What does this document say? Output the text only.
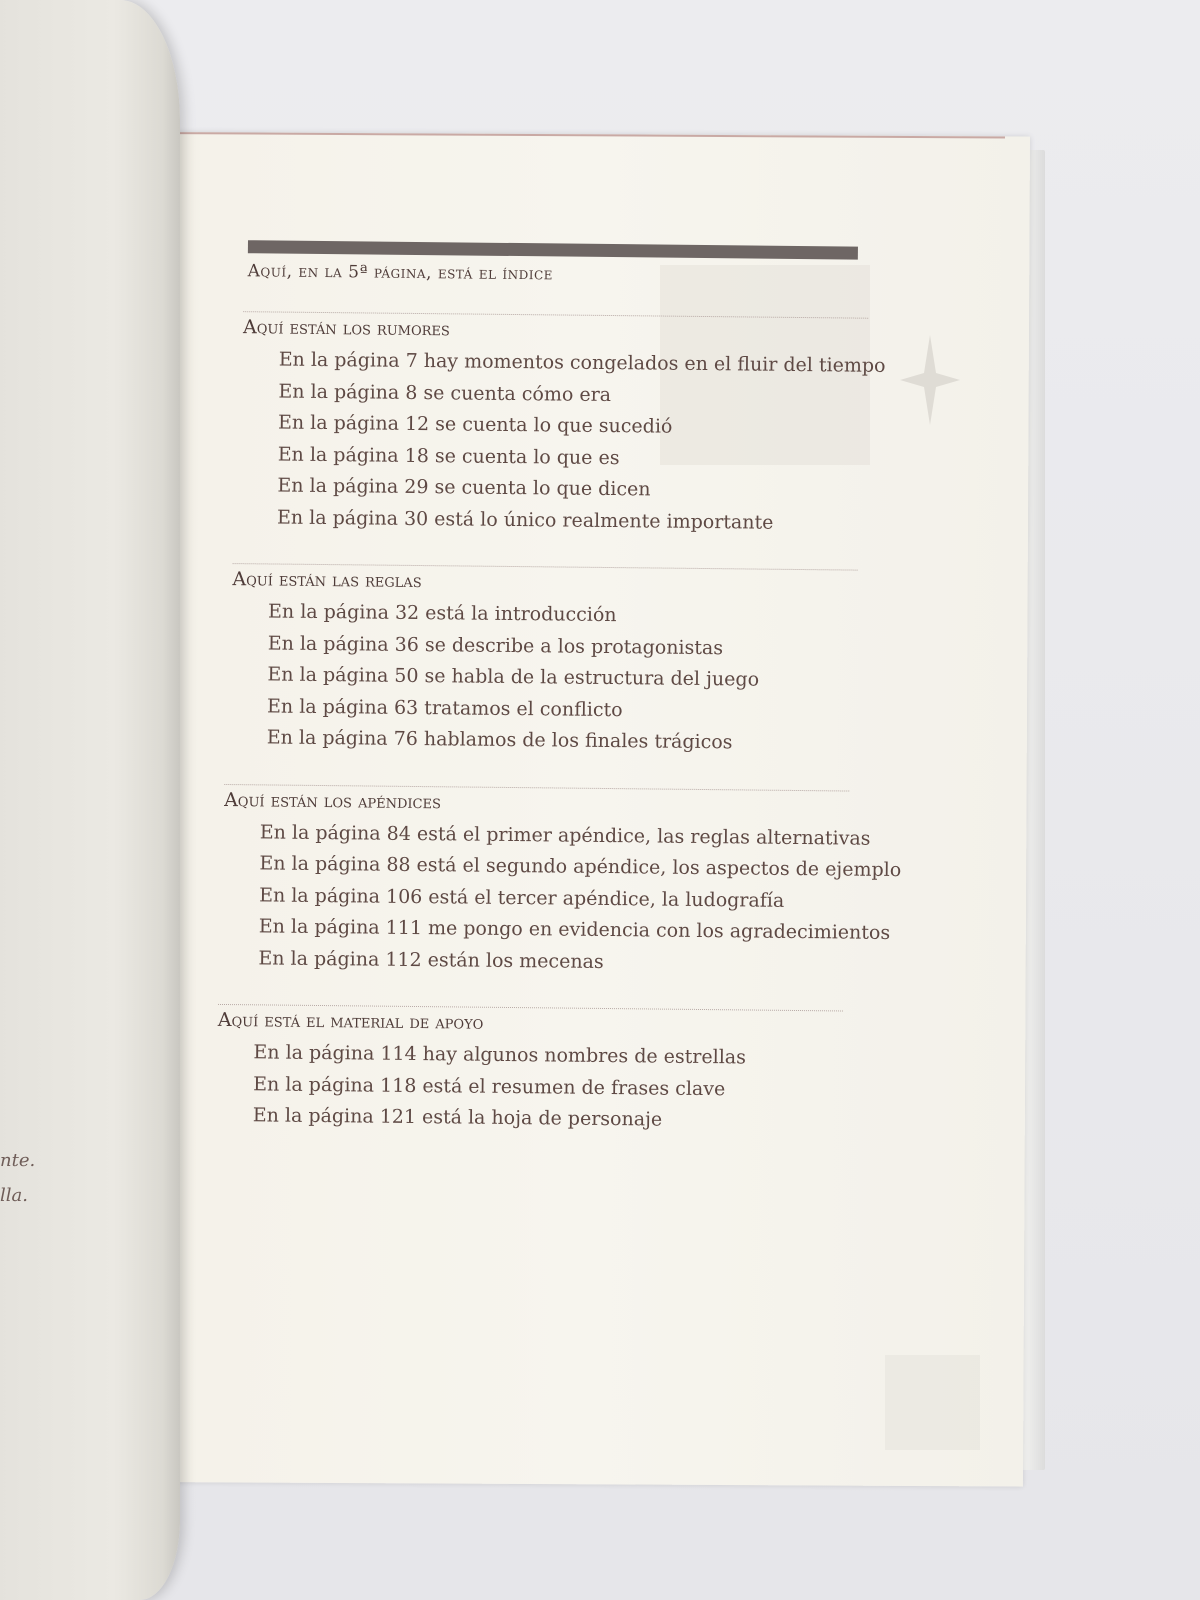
nte.
lla.
Aquí, en la 5ª página, está el índice
Aquí están los rumores
En la página 7 hay momentos congelados en el fluir del tiempo
En la página 8 se cuenta cómo era
En la página 12 se cuenta lo que sucedió
En la página 18 se cuenta lo que es
En la página 29 se cuenta lo que dicen
En la página 30 está lo único realmente importante
Aquí están las reglas
En la página 32 está la introducción
En la página 36 se describe a los protagonistas
En la página 50 se habla de la estructura del juego
En la página 63 tratamos el conflicto
En la página 76 hablamos de los finales trágicos
Aquí están los apéndices
En la página 84 está el primer apéndice, las reglas alternativas
En la página 88 está el segundo apéndice, los aspectos de ejemplo
En la página 106 está el tercer apéndice, la ludografía
En la página 111 me pongo en evidencia con los agradecimientos
En la página 112 están los mecenas
Aquí está el material de apoyo
En la página 114 hay algunos nombres de estrellas
En la página 118 está el resumen de frases clave
En la página 121 está la hoja de personaje
